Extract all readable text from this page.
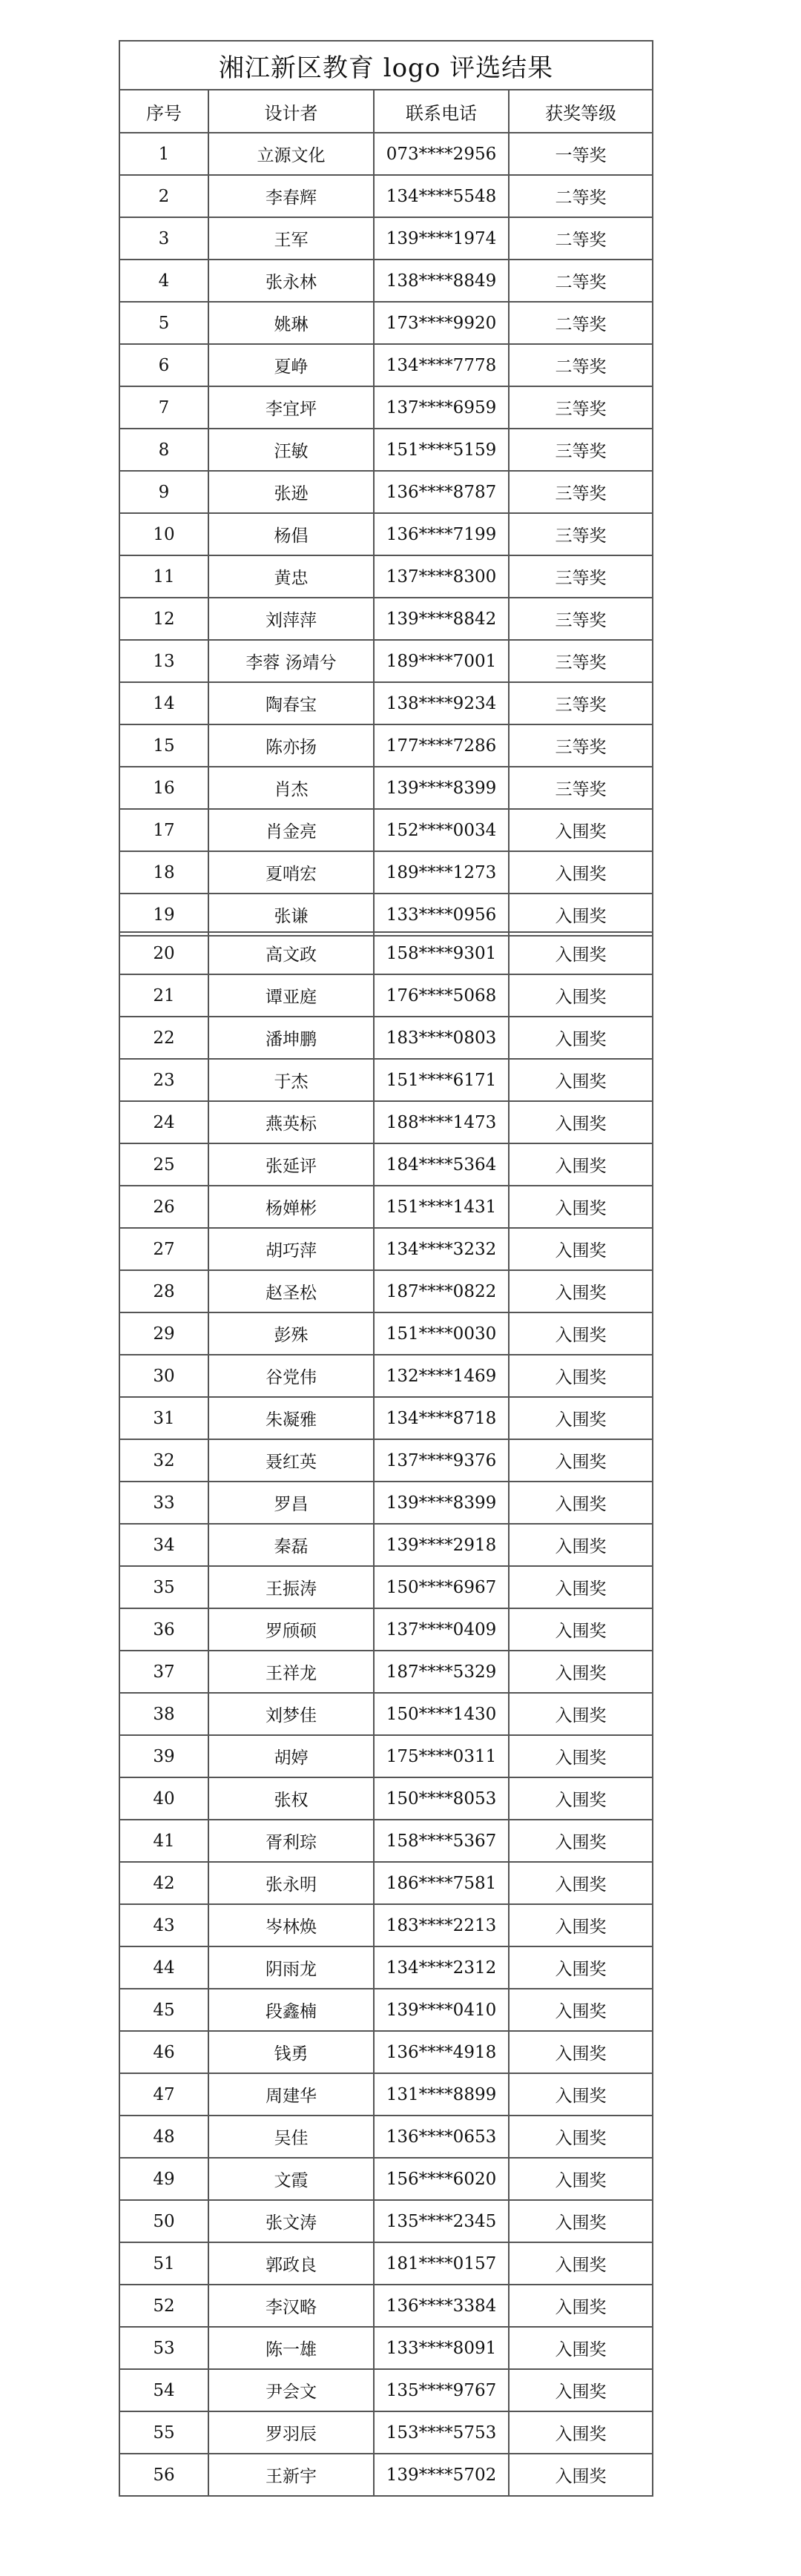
湘江新区教育 logo 评选结果			
序号	设计者	联系电话	获奖等级
1	立源文化	073****2956	一等奖
2	李春辉	134****5548	二等奖
3	王军	139****1974	二等奖
4	张永林	138****8849	二等奖
5	姚琳	173****9920	二等奖
6	夏峥	134****7778	二等奖
7	李宜坪	137****6959	三等奖
8	汪敏	151****5159	三等奖
9	张逊	136****8787	三等奖
10	杨倡	136****7199	三等奖
11	黄忠	137****8300	三等奖
12	刘萍萍	139****8842	三等奖
13	李蓉 汤靖兮	189****7001	三等奖
14	陶春宝	138****9234	三等奖
15	陈亦扬	177****7286	三等奖
16	肖杰	139****8399	三等奖
17	肖金亮	152****0034	入围奖
18	夏哨宏	189****1273	入围奖
19	张谦	133****0956	入围奖
20	高文政	158****9301	入围奖
21	谭亚庭	176****5068	入围奖
22	潘坤鹏	183****0803	入围奖
23	于杰	151****6171	入围奖
24	燕英标	188****1473	入围奖
25	张延评	184****5364	入围奖
26	杨婵彬	151****1431	入围奖
27	胡巧萍	134****3232	入围奖
28	赵圣松	187****0822	入围奖
29	彭殊	151****0030	入围奖
30	谷党伟	132****1469	入围奖
31	朱凝雅	134****8718	入围奖
32	聂红英	137****9376	入围奖
33	罗昌	139****8399	入围奖
34	秦磊	139****2918	入围奖
35	王振涛	150****6967	入围奖
36	罗颀硕	137****0409	入围奖
37	王祥龙	187****5329	入围奖
38	刘梦佳	150****1430	入围奖
39	胡婷	175****0311	入围奖
40	张权	150****8053	入围奖
41	胥利琮	158****5367	入围奖
42	张永明	186****7581	入围奖
43	岑林焕	183****2213	入围奖
44	阴雨龙	134****2312	入围奖
45	段鑫楠	139****0410	入围奖
46	钱勇	136****4918	入围奖
47	周建华	131****8899	入围奖
48	吴佳	136****0653	入围奖
49	文霞	156****6020	入围奖
50	张文涛	135****2345	入围奖
51	郭政良	181****0157	入围奖
52	李汉略	136****3384	入围奖
53	陈一雄	133****8091	入围奖
54	尹会文	135****9767	入围奖
55	罗羽辰	153****5753	入围奖
56	王新宇	139****5702	入围奖
